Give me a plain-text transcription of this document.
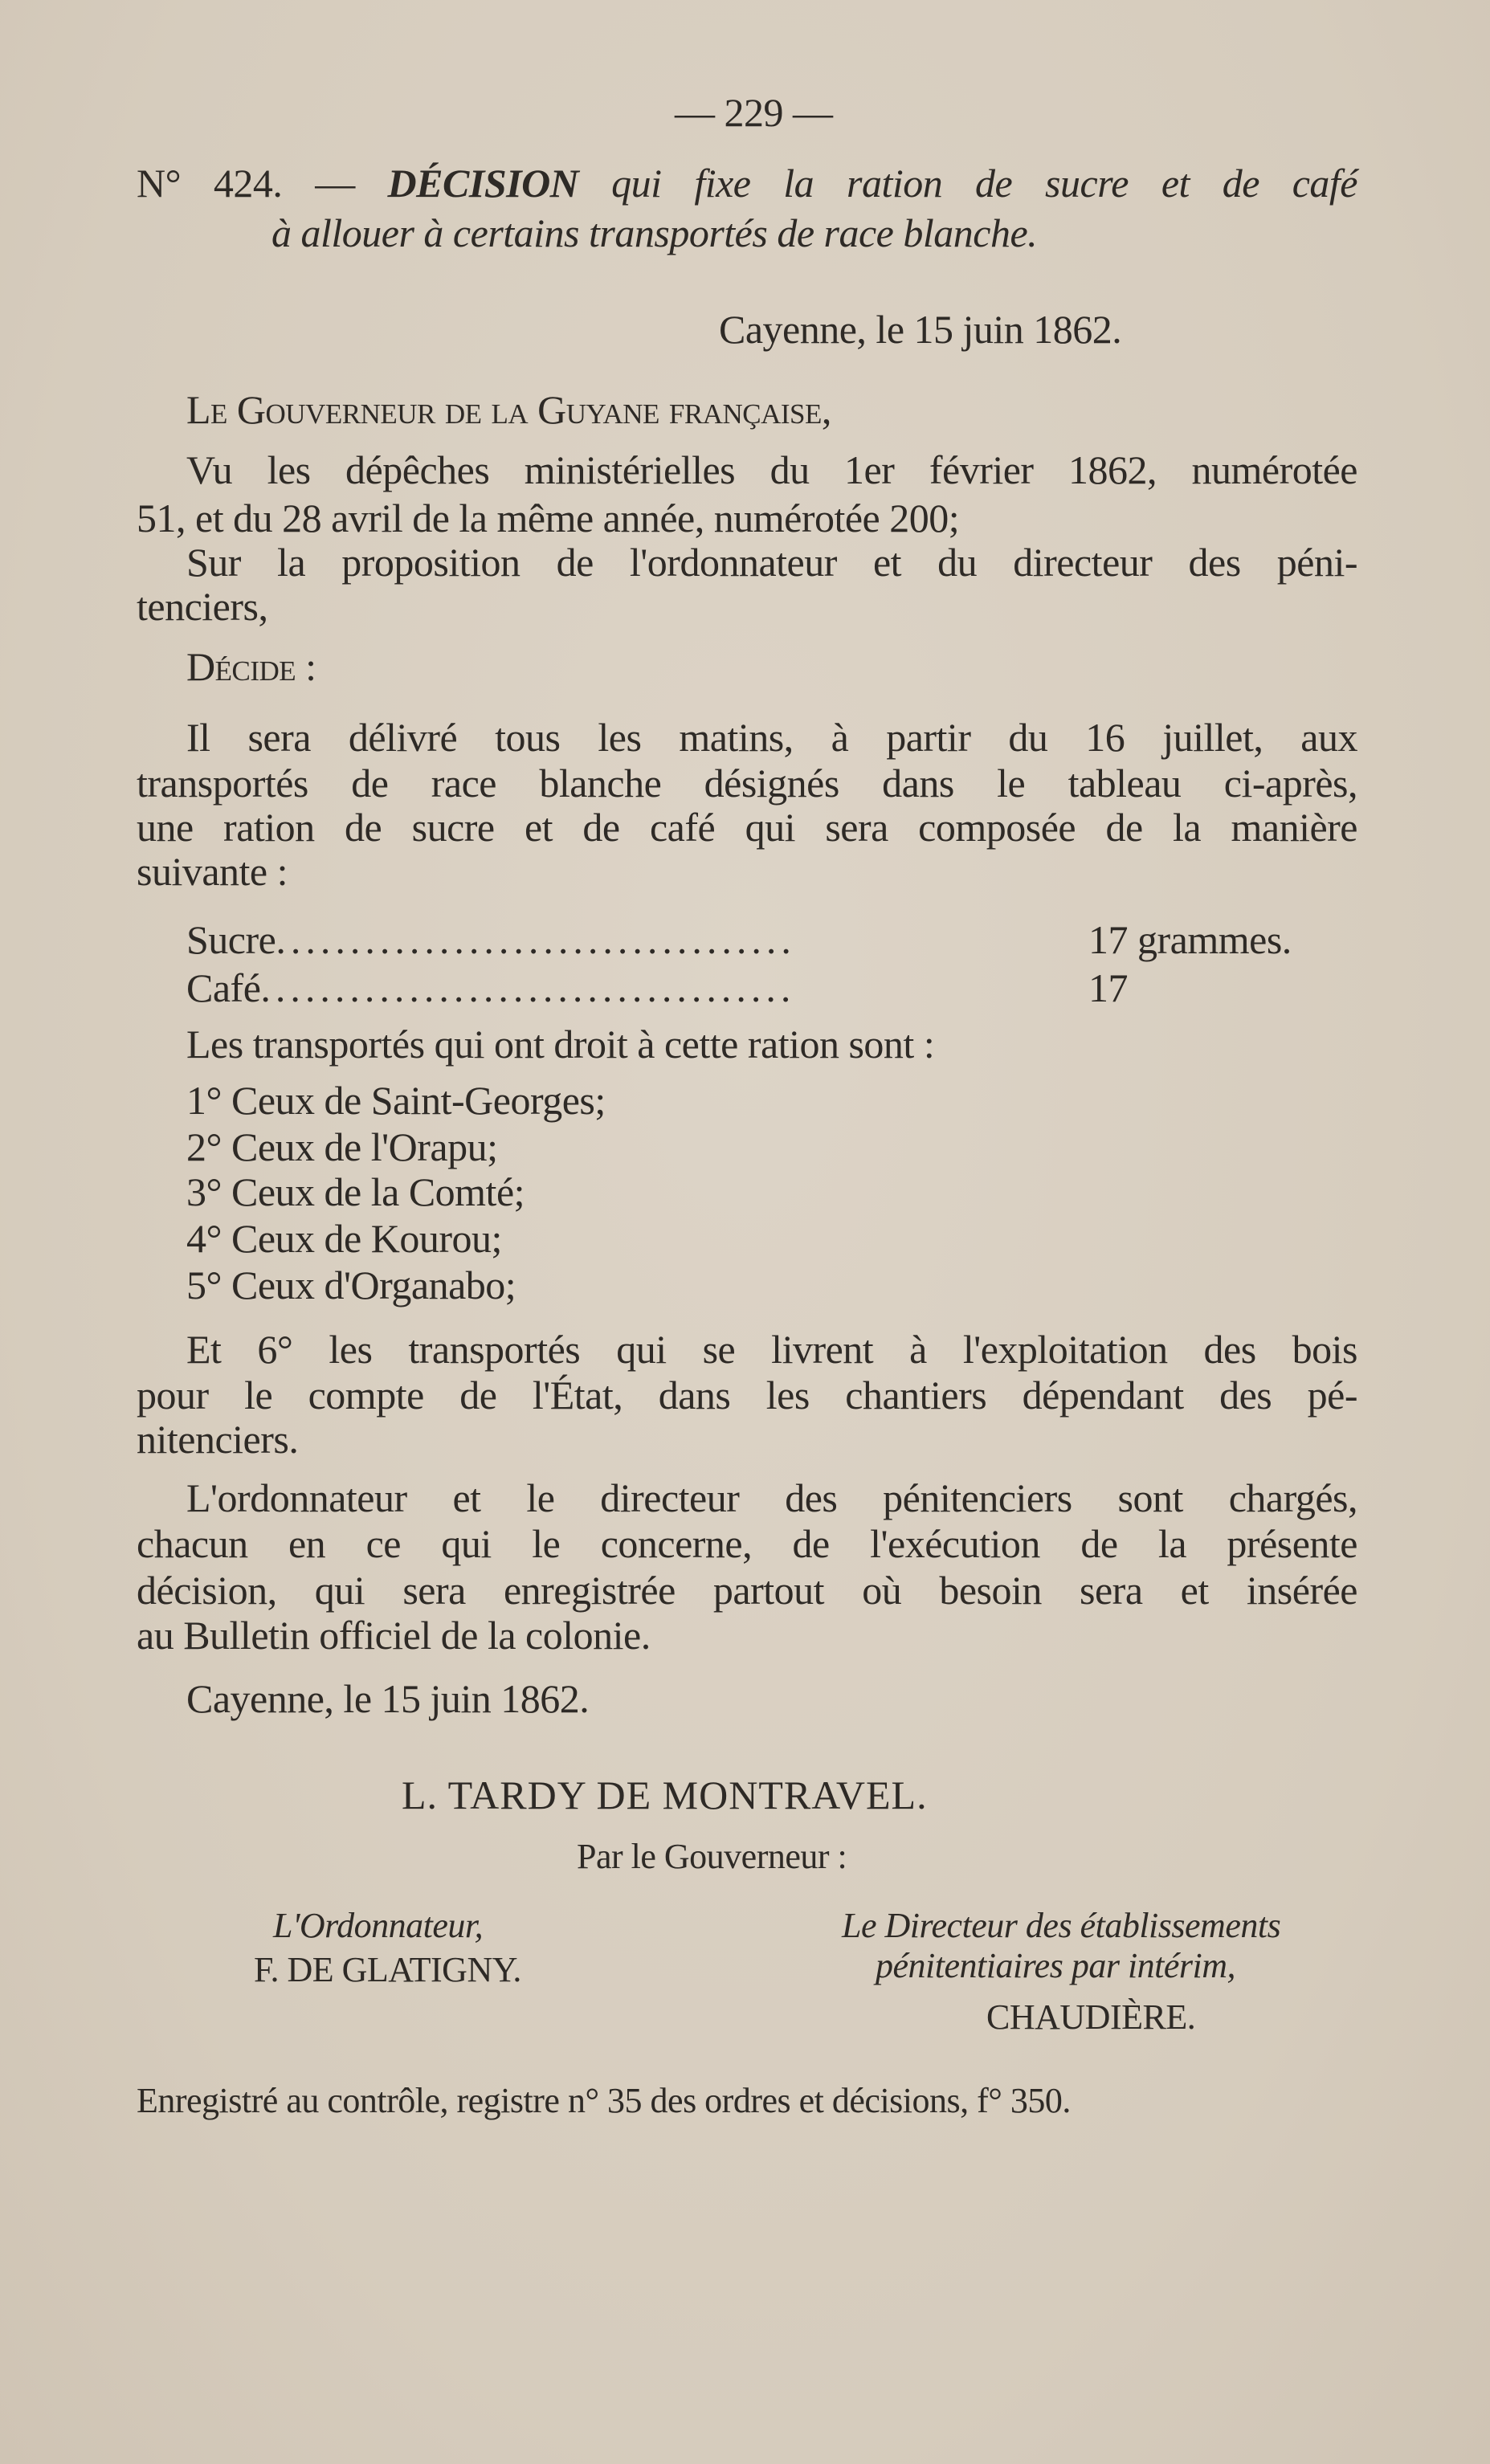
— 229 —
N° 424. — DÉCISION qui fixe la ration de sucre et de café
à allouer à certains transportés de race blanche.
Cayenne, le 15 juin 1862.
Le Gouverneur de la Guyane française,
Vu les dépêches ministérielles du 1er février 1862, numérotée
51, et du 28 avril de la même année, numérotée 200;
Sur la proposition de l'ordonnateur et du directeur des péni-
tenciers,
Décide :
Il sera délivré tous les matins, à partir du 16 juillet, aux
transportés de race blanche désignés dans le tableau ci-après,
une ration de sucre et de café qui sera composée de la manière
suivante :
Sucre...................................	17 grammes.
Café....................................	17
Les transportés qui ont droit à cette ration sont :
1° Ceux de Saint-Georges;
2° Ceux de l'Orapu;
3° Ceux de la Comté;
4° Ceux de Kourou;
5° Ceux d'Organabo;
Et 6° les transportés qui se livrent à l'exploitation des bois
pour le compte de l'État, dans les chantiers dépendant des pé-
nitenciers.
L'ordonnateur et le directeur des pénitenciers sont chargés,
chacun en ce qui le concerne, de l'exécution de la présente
décision, qui sera enregistrée partout où besoin sera et insérée
au Bulletin officiel de la colonie.
Cayenne, le 15 juin 1862.
L. TARDY DE MONTRAVEL.
Par le Gouverneur :
L'Ordonnateur,
F. DE GLATIGNY.
Le Directeur des établissements
pénitentiaires par intérim,
CHAUDIÈRE.
Enregistré au contrôle, registre n° 35 des ordres et décisions, f° 350.
